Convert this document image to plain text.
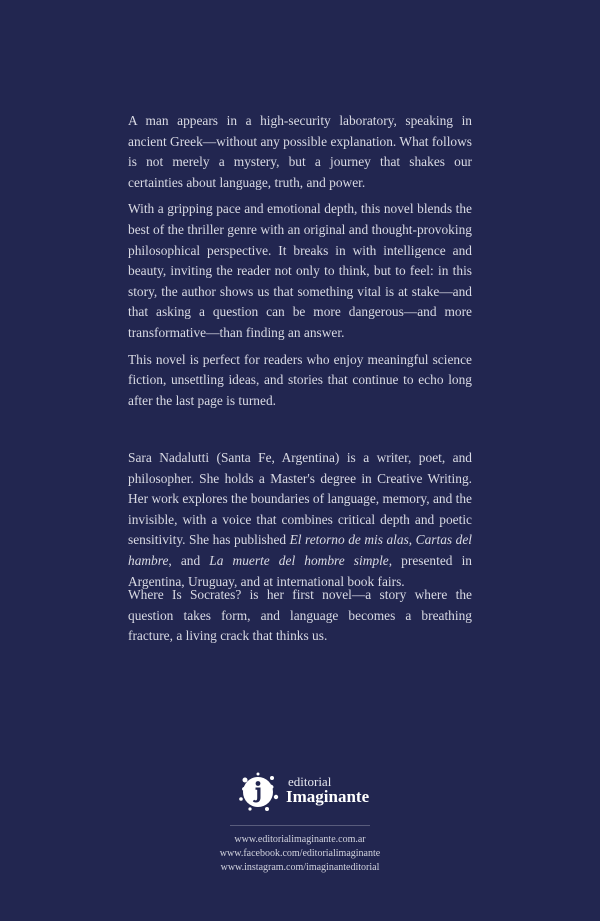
A man appears in a high-security laboratory, speaking in ancient Greek—without any possible explanation. What follows is not merely a mystery, but a journey that shakes our certainties about language, truth, and power.

With a gripping pace and emotional depth, this novel blends the best of the thriller genre with an original and thought-provoking philosophical perspective. It breaks in with intelligence and beauty, inviting the reader not only to think, but to feel: in this story, the author shows us that something vital is at stake—and that asking a question can be more dangerous—and more transformative—than finding an answer.

This novel is perfect for readers who enjoy meaningful science fiction, unsettling ideas, and stories that continue to echo long after the last page is turned.

Sara Nadalutti (Santa Fe, Argentina) is a writer, poet, and philosopher. She holds a Master's degree in Creative Writing. Her work explores the boundaries of language, memory, and the invisible, with a voice that combines critical depth and poetic sensitivity. She has published El retorno de mis alas, Cartas del hambre, and La muerte del hombre simple, presented in Argentina, Uruguay, and at international book fairs.

Where Is Socrates? is her first novel—a story where the question takes form, and language becomes a breathing fracture, a living crack that thinks us.

editorial
Imaginante
www.editorialimaginante.com.ar
www.facebook.com/editorialimaginante
www.instagram.com/imaginanteditorial
